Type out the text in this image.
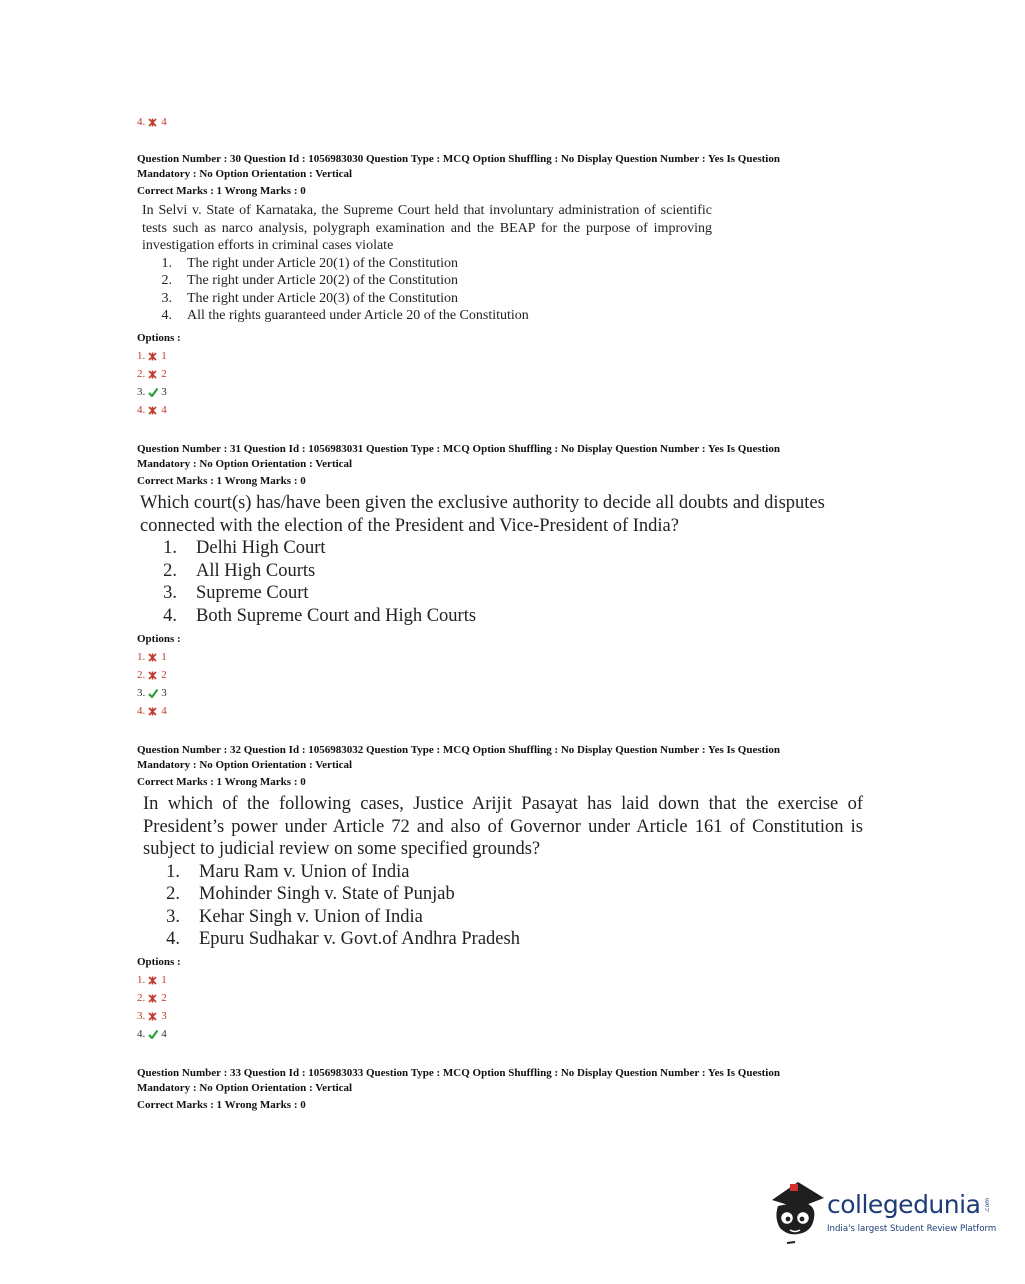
4. 4
Question Number : 30 Question Id : 1056983030 Question Type : MCQ Option Shuffling : No Display Question Number : Yes Is Question
Mandatory : No Option Orientation : Vertical
Correct Marks : 1 Wrong Marks : 0
In Selvi v. State of Karnataka, the Supreme Court held that involuntary administration of scientific tests such as narco analysis, polygraph examination and the BEAP for the purpose of improving investigation efforts in criminal cases violate
1. The right under Article 20(1) of the Constitution
2. The right under Article 20(2) of the Constitution
3. The right under Article 20(3) of the Constitution
4. All the rights guaranteed under Article 20 of the Constitution
Options :
1. 1
2. 2
3. 3
4. 4
Question Number : 31 Question Id : 1056983031 Question Type : MCQ Option Shuffling : No Display Question Number : Yes Is Question
Mandatory : No Option Orientation : Vertical
Correct Marks : 1 Wrong Marks : 0
Which court(s) has/have been given the exclusive authority to decide all doubts and disputes connected with the election of the President and Vice-President of India?
1. Delhi High Court
2. All High Courts
3. Supreme Court
4. Both Supreme Court and High Courts
Options :
1. 1
2. 2
3. 3
4. 4
Question Number : 32 Question Id : 1056983032 Question Type : MCQ Option Shuffling : No Display Question Number : Yes Is Question
Mandatory : No Option Orientation : Vertical
Correct Marks : 1 Wrong Marks : 0
In which of the following cases, Justice Arijit Pasayat has laid down that the exercise of President’s power under Article 72 and also of Governor under Article 161 of Constitution is subject to judicial review on some specified grounds?
1. Maru Ram v. Union of India
2. Mohinder Singh v. State of Punjab
3. Kehar Singh v. Union of India
4. Epuru Sudhakar v. Govt.of Andhra Pradesh
Options :
1. 1
2. 2
3. 3
4. 4
Question Number : 33 Question Id : 1056983033 Question Type : MCQ Option Shuffling : No Display Question Number : Yes Is Question
Mandatory : No Option Orientation : Vertical
Correct Marks : 1 Wrong Marks : 0
collegedunia .com
India's largest Student Review Platform
